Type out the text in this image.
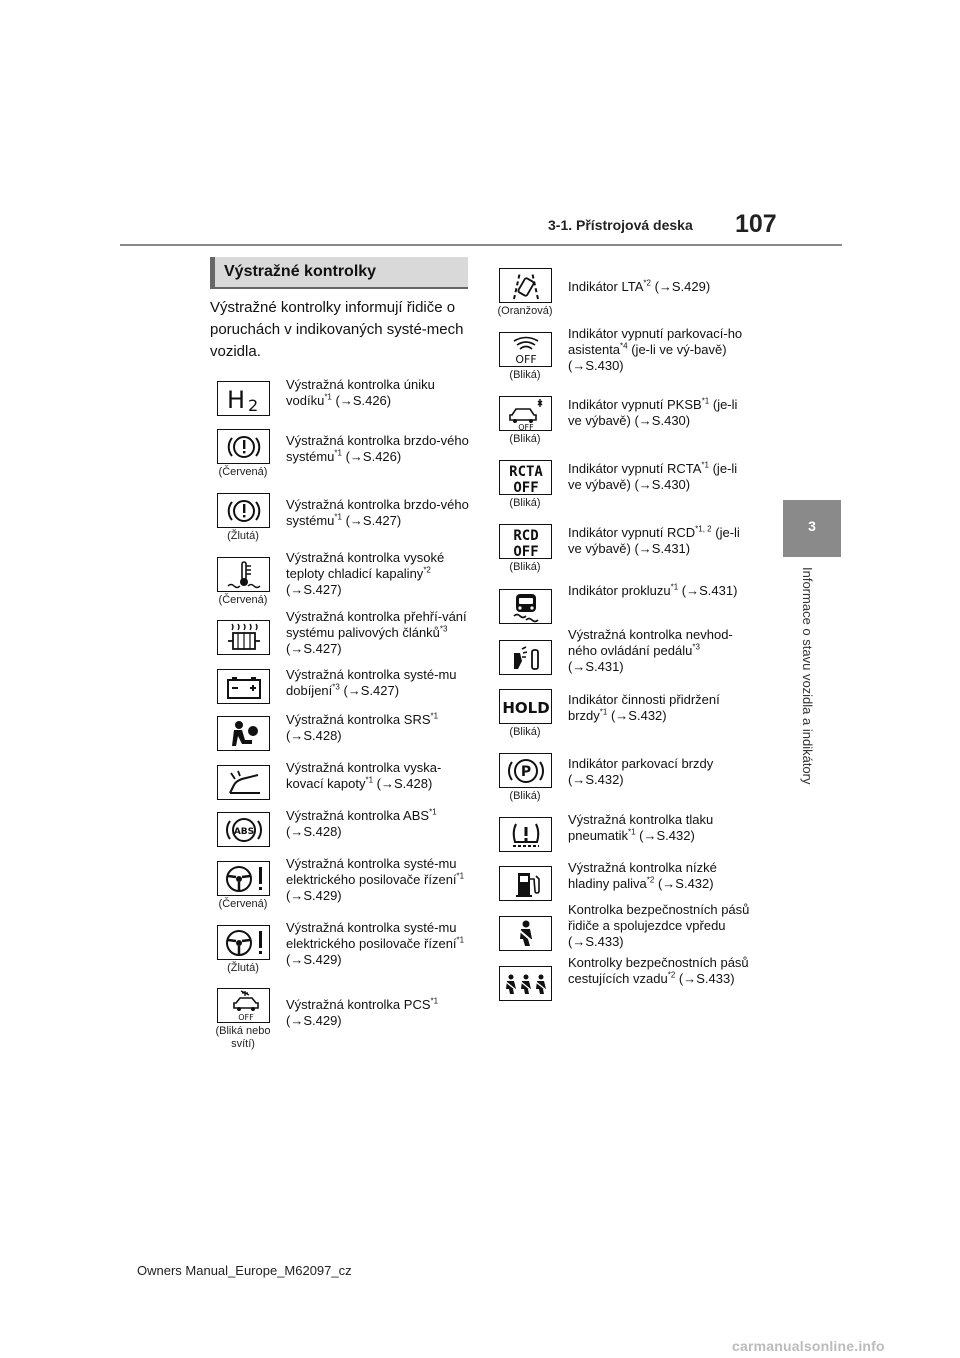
3-1. Přístrojová deska 107
3
Informace o stavu vozidla a indikátory
Výstražné kontrolky
Výstražné kontrolky informují řidiče o poruchách v indikovaných systé-mech vozidla.
H 2
Výstražná kontrolka úniku vodíku$^{*1}$ (→S.426)
(Červená)
Výstražná kontrolka brzdo-vého systému$^{*1}$ (→S.426)
(Žlutá)
Výstražná kontrolka brzdo-vého systému$^{*1}$ (→S.427)
(Červená)
Výstražná kontrolka vysoké teploty chladicí kapaliny$^{*2}$ (→S.427)
Výstražná kontrolka přehří-vání systému palivových článků$^{*3}$ (→S.427)
Výstražná kontrolka systé-mu dobíjení$^{*3}$ (→S.427)
Výstražná kontrolka SRS$^{*1}$ (→S.428)
Výstražná kontrolka vyska-kovací kapoty$^{*1}$ (→S.428)
ABS
Výstražná kontrolka ABS$^{*1}$ (→S.428)
(Červená)
Výstražná kontrolka systé-mu elektrického posilovače řízení$^{*1}$ (→S.429)
(Žlutá)
Výstražná kontrolka systé-mu elektrického posilovače řízení$^{*1}$ (→S.429)
OFF
(Bliká nebo svítí)
Výstražná kontrolka PCS$^{*1}$ (→S.429)
(Oranžová)
Indikátor LTA$^{*2}$ (→S.429)
OFF
(Bliká)
Indikátor vypnutí parkovací-ho asistenta$^{*4}$ (je-li ve vý-bavě) (→S.430)
OFF
(Bliká)
Indikátor vypnutí PKSB$^{*1}$ (je-li ve výbavě) (→S.430)
RCTA
OFF
(Bliká)
Indikátor vypnutí RCTA$^{*1}$ (je-li ve výbavě) (→S.430)
RCD
OFF
(Bliká)
Indikátor vypnutí RCD$^{*1, 2}$ (je-li ve výbavě) (→S.431)
Indikátor prokluzu$^{*1}$ (→S.431)
Výstražná kontrolka nevhod-ného ovládání pedálu$^{*3}$ (→S.431)
HOLD
(Bliká)
Indikátor činnosti přidržení brzdy$^{*1}$ (→S.432)
P
(Bliká)
Indikátor parkovací brzdy (→S.432)
Výstražná kontrolka tlaku pneumatik$^{*1}$ (→S.432)
Výstražná kontrolka nízké hladiny paliva$^{*2}$ (→S.432)
Kontrolka bezpečnostních pásů řidiče a spolujezdce vpředu (→S.433)
Kontrolky bezpečnostních pásů cestujících vzadu$^{*2}$ (→S.433)
Owners Manual_Europe_M62097_cz
carmanualsonline.info
